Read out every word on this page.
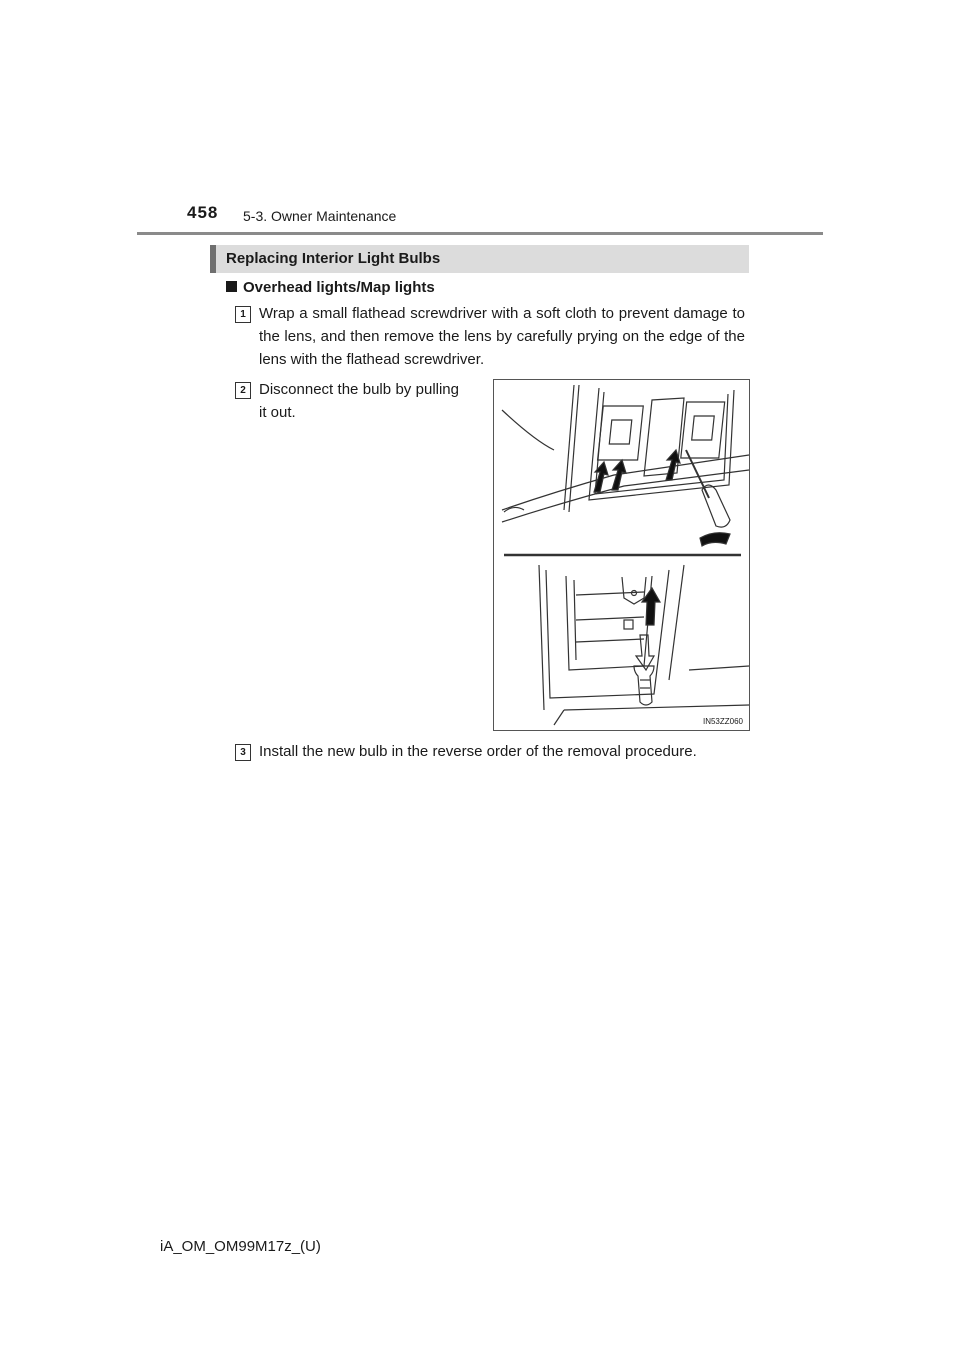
458 5-3. Owner Maintenance
Replacing Interior Light Bulbs
Overhead lights/Map lights
1 Wrap a small flathead screwdriver with a soft cloth to prevent damage to the lens, and then remove the lens by carefully prying on the edge of the lens with the flathead screwdriver.
2 Disconnect the bulb by pulling it out.
IN53ZZ060
3 Install the new bulb in the reverse order of the removal procedure.
iA_OM_OM99M17z_(U)
